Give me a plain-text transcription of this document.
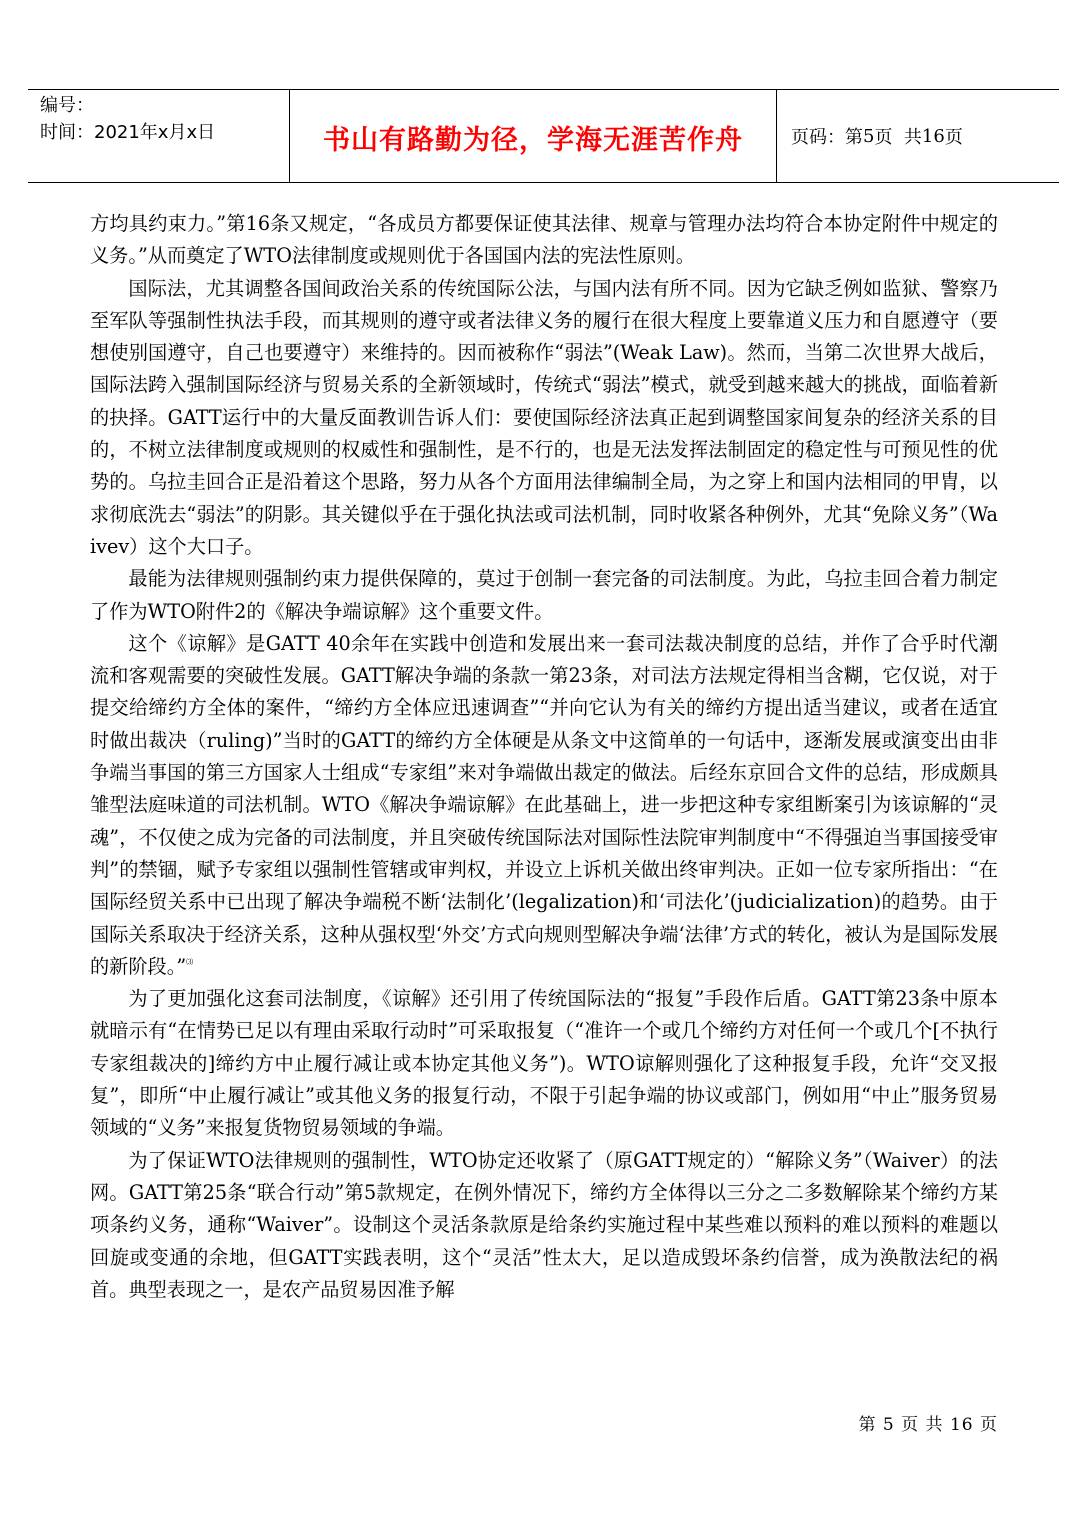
编号：
时间：2021年x月x日	书山有路勤为径，学海无涯苦作舟	页码：第 5 页  共 16 页

方均具约束力。”第16条又规定，“各成员方都要保证使其法律、规章与管理办法均符合本协定附件中规定的义务。”从而奠定了WTO法律制度或规则优于各国国内法的宪法性原则。

国际法，尤其调整各国间政治关系的传统国际公法，与国内法有所不同。因为它缺乏例如监狱、警察乃至军队等强制性执法手段，而其规则的遵守或者法律义务的履行在很大程度上要靠道义压力和自愿遵守（要想使别国遵守，自己也要遵守）来维持的。因而被称作“弱法”(Weak Law)。然而，当第二次世界大战后，国际法跨入强制国际经济与贸易关系的全新领域时，传统式“弱法”模式，就受到越来越大的挑战，面临着新的抉择。GATT运行中的大量反面教训告诉人们：要使国际经济法真正起到调整国家间复杂的经济关系的目的，不树立法律制度或规则的权威性和强制性，是不行的，也是无法发挥法制固定的稳定性与可预见性的优势的。乌拉圭回合正是沿着这个思路，努力从各个方面用法律编制全局，为之穿上和国内法相同的甲胄，以求彻底洗去“弱法”的阴影。其关键似乎在于强化执法或司法机制，同时收紧各种例外，尤其“免除义务”（Waivev）这个大口子。

最能为法律规则强制约束力提供保障的，莫过于创制一套完备的司法制度。为此，乌拉圭回合着力制定了作为WTO附件2的《解决争端谅解》这个重要文件。

这个《谅解》是GATT 40余年在实践中创造和发展出来一套司法裁决制度的总结，并作了合乎时代潮流和客观需要的突破性发展。GATT解决争端的条款一第23条，对司法方法规定得相当含糊，它仅说，对于提交给缔约方全体的案件，“缔约方全体应迅速调查”“并向它认为有关的缔约方提出适当建议，或者在适宜时做出裁决（ruling)”当时的GATT的缔约方全体硬是从条文中这简单的一句话中，逐渐发展或演变出由非争端当事国的第三方国家人士组成“专家组”来对争端做出裁定的做法。后经东京回合文件的总结，形成颇具雏型法庭味道的司法机制。WTO《解决争端谅解》在此基础上，进一步把这种专家组断案引为该谅解的“灵魂”，不仅使之成为完备的司法制度，并且突破传统国际法对国际性法院审判制度中“不得强迫当事国接受审判”的禁锢，赋予专家组以强制性管辖或审判权，并设立上诉机关做出终审判决。正如一位专家所指出：“在国际经贸关系中已出现了解决争端税不断‘法制化’(legalization)和‘司法化’(judicialization)的趋势。由于国际关系取决于经济关系，这种从强权型‘外交’方式向规则型解决争端‘法律’方式的转化，被认为是国际发展的新阶段。”⑶

为了更加强化这套司法制度，《谅解》还引用了传统国际法的“报复”手段作后盾。GATT第23条中原本就暗示有“在情势已足以有理由采取行动时”可采取报复（“准许一个或几个缔约方对任何一个或几个[不执行专家组裁决的]缔约方中止履行减让或本协定其他义务”)。WTO谅解则强化了这种报复手段，允许“交叉报复”，即所“中止履行减让”或其他义务的报复行动，不限于引起争端的协议或部门，例如用“中止”服务贸易领域的“义务”来报复货物贸易领域的争端。

为了保证WTO法律规则的强制性，WTO协定还收紧了（原GATT规定的）“解除义务”（Waiver）的法网。GATT第25条“联合行动”第5款规定，在例外情况下，缔约方全体得以三分之二多数解除某个缔约方某项条约义务，通称“Waiver”。设制这个灵活条款原是给条约实施过程中某些难以预料的难以预料的难题以回旋或变通的余地，但GATT实践表明，这个“灵活”性太大，足以造成毁坏条约信誉，成为涣散法纪的祸首。典型表现之一，是农产品贸易因准予解

第 5 页 共 16 页
